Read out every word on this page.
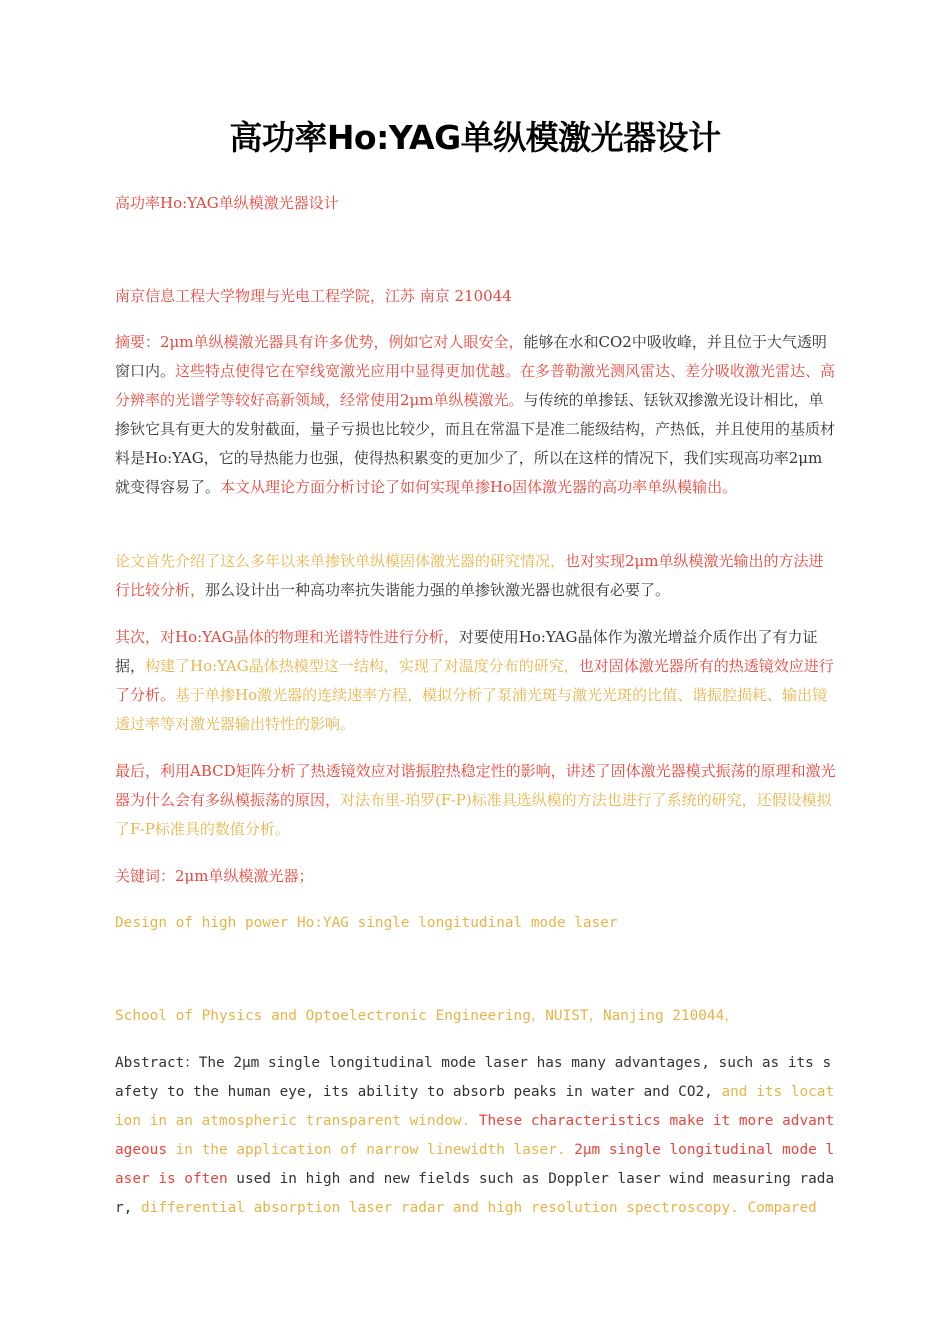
高功率Ho:YAG单纵模激光器设计

高功率Ho:YAG单纵模激光器设计

南京信息工程大学物理与光电工程学院，江苏 南京 210044

摘要：2μm单纵模激光器具有许多优势，例如它对人眼安全，能够在水和CO2中吸收峰，并且位于大气透明窗口内。这些特点使得它在窄线宽激光应用中显得更加优越。在多普勒激光测风雷达、差分吸收激光雷达、高分辨率的光谱学等较好高新领域，经常使用2μm单纵模激光。与传统的单掺铥、铥钬双掺激光设计相比，单掺钬它具有更大的发射截面，量子亏损也比较少，而且在常温下是准二能级结构，产热低，并且使用的基质材料是Ho:YAG，它的导热能力也强，使得热积累变的更加少了，所以在这样的情况下，我们实现高功率2μm就变得容易了。本文从理论方面分析讨论了如何实现单掺Ho固体激光器的高功率单纵模输出。

论文首先介绍了这么多年以来单掺钬单纵模固体激光器的研究情况，也对实现2μm单纵模激光输出的方法进行比较分析，那么设计出一种高功率抗失谐能力强的单掺钬激光器也就很有必要了。

其次，对Ho:YAG晶体的物理和光谱特性进行分析，对要使用Ho:YAG晶体作为激光增益介质作出了有力证据，构建了Ho:YAG晶体热模型这一结构，实现了对温度分布的研究，也对固体激光器所有的热透镜效应进行了分析。基于单掺Ho激光器的连续速率方程，模拟分析了泵浦光斑与激光光斑的比值、谐振腔损耗、输出镜透过率等对激光器输出特性的影响。

最后，利用ABCD矩阵分析了热透镜效应对谐振腔热稳定性的影响，讲述了固体激光器模式振荡的原理和激光器为什么会有多纵模振荡的原因，对法布里-珀罗(F-P)标准具选纵模的方法也进行了系统的研究，还假设模拟了F-P标准具的数值分析。

关键词：2μm单纵模激光器；

Design of high power Ho:YAG single longitudinal mode laser

School of Physics and Optoelectronic Engineering，NUIST，Nanjing 210044，

Abstract：The 2μm single longitudinal mode laser has many advantages, such as its safety to the human eye, its ability to absorb peaks in water and CO2, and its location in an atmospheric transparent window. These characteristics make it more advantageous in the application of narrow linewidth laser. 2μm single longitudinal mode laser is often used in high and new fields such as Doppler laser wind measuring radar, differential absorption laser radar and high resolution spectroscopy. Compared
